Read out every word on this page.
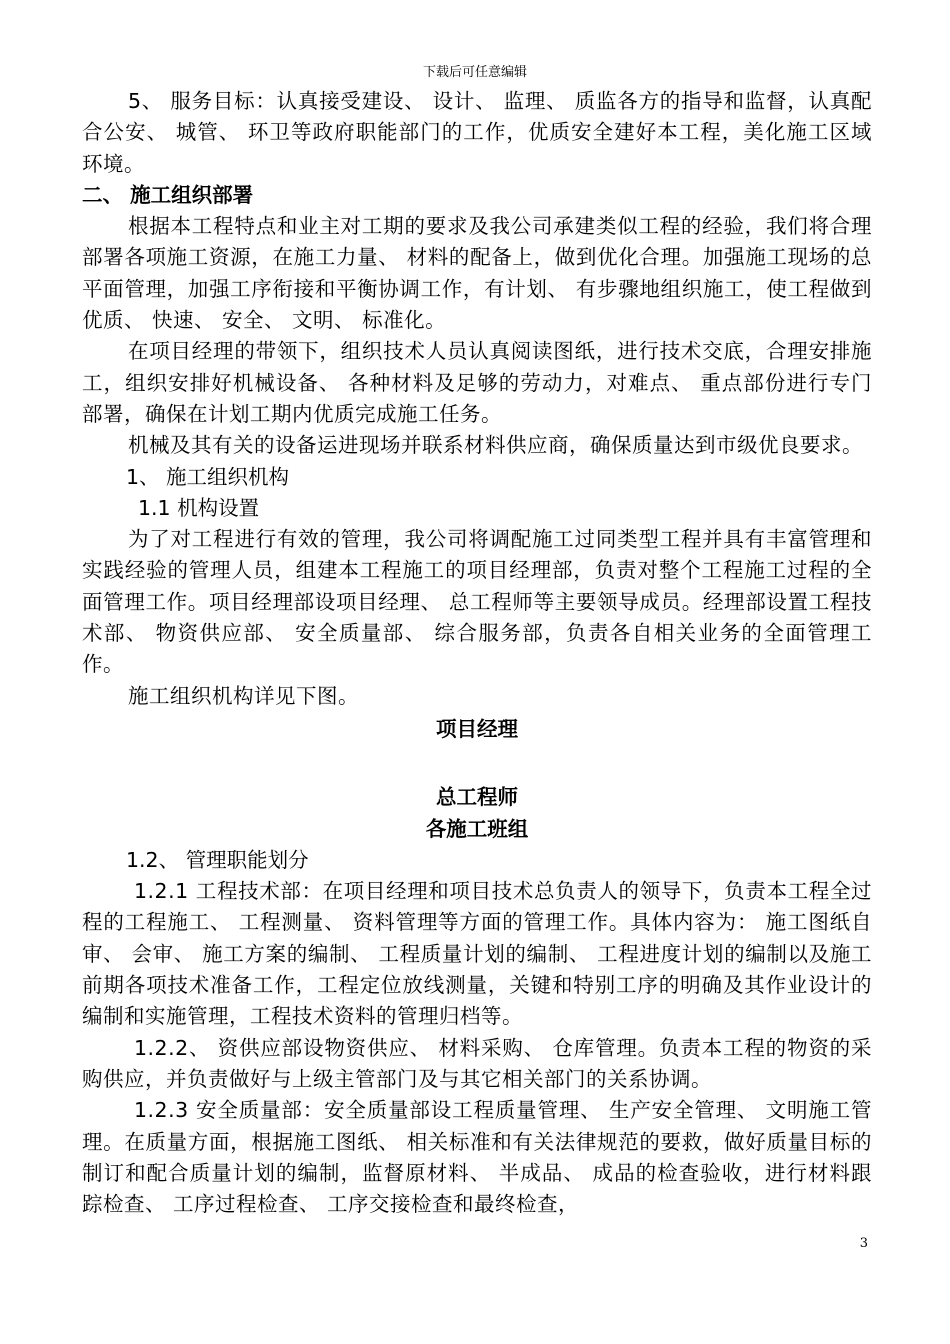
下载后可任意编辑

5、 服务目标：认真接受建设、 设计、 监理、 质监各方的指导和监督，认真配合公安、 城管、 环卫等政府职能部门的工作，优质安全建好本工程，美化施工区域环境。

二、 施工组织部署

根据本工程特点和业主对工期的要求及我公司承建类似工程的经验，我们将合理部署各项施工资源，在施工力量、 材料的配备上，做到优化合理。加强施工现场的总平面管理，加强工序衔接和平衡协调工作，有计划、 有步骤地组织施工，使工程做到优质、 快速、 安全、 文明、 标准化。

在项目经理的带领下，组织技术人员认真阅读图纸，进行技术交底，合理安排施工，组织安排好机械设备、 各种材料及足够的劳动力，对难点、 重点部份进行专门部署，确保在计划工期内优质完成施工任务。

机械及其有关的设备运进现场并联系材料供应商，确保质量达到市级优良要求。

1、 施工组织机构

1.1 机构设置

为了对工程进行有效的管理，我公司将调配施工过同类型工程并具有丰富管理和实践经验的管理人员，组建本工程施工的项目经理部，负责对整个工程施工过程的全面管理工作。项目经理部设项目经理、 总工程师等主要领导成员。经理部设置工程技术部、 物资供应部、 安全质量部、 综合服务部，负责各自相关业务的全面管理工作。

施工组织机构详见下图。

项目经理

总工程师

各施工班组

1.2、 管理职能划分

1.2.1 工程技术部：在项目经理和项目技术总负责人的领导下，负责本工程全过程的工程施工、 工程测量、 资料管理等方面的管理工作。具体内容为： 施工图纸自审、 会审、 施工方案的编制、 工程质量计划的编制、 工程进度计划的编制以及施工前期各项技术准备工作，工程定位放线测量，关键和特别工序的明确及其作业设计的编制和实施管理，工程技术资料的管理归档等。

1.2.2、 资供应部设物资供应、 材料采购、 仓库管理。负责本工程的物资的采购供应，并负责做好与上级主管部门及与其它相关部门的关系协调。

1.2.3 安全质量部：安全质量部设工程质量管理、 生产安全管理、 文明施工管理。在质量方面，根据施工图纸、 相关标准和有关法律规范的要救，做好质量目标的制订和配合质量计划的编制，监督原材料、 半成品、 成品的检查验收，进行材料跟踪检查、 工序过程检查、 工序交接检查和最终检查，

3
